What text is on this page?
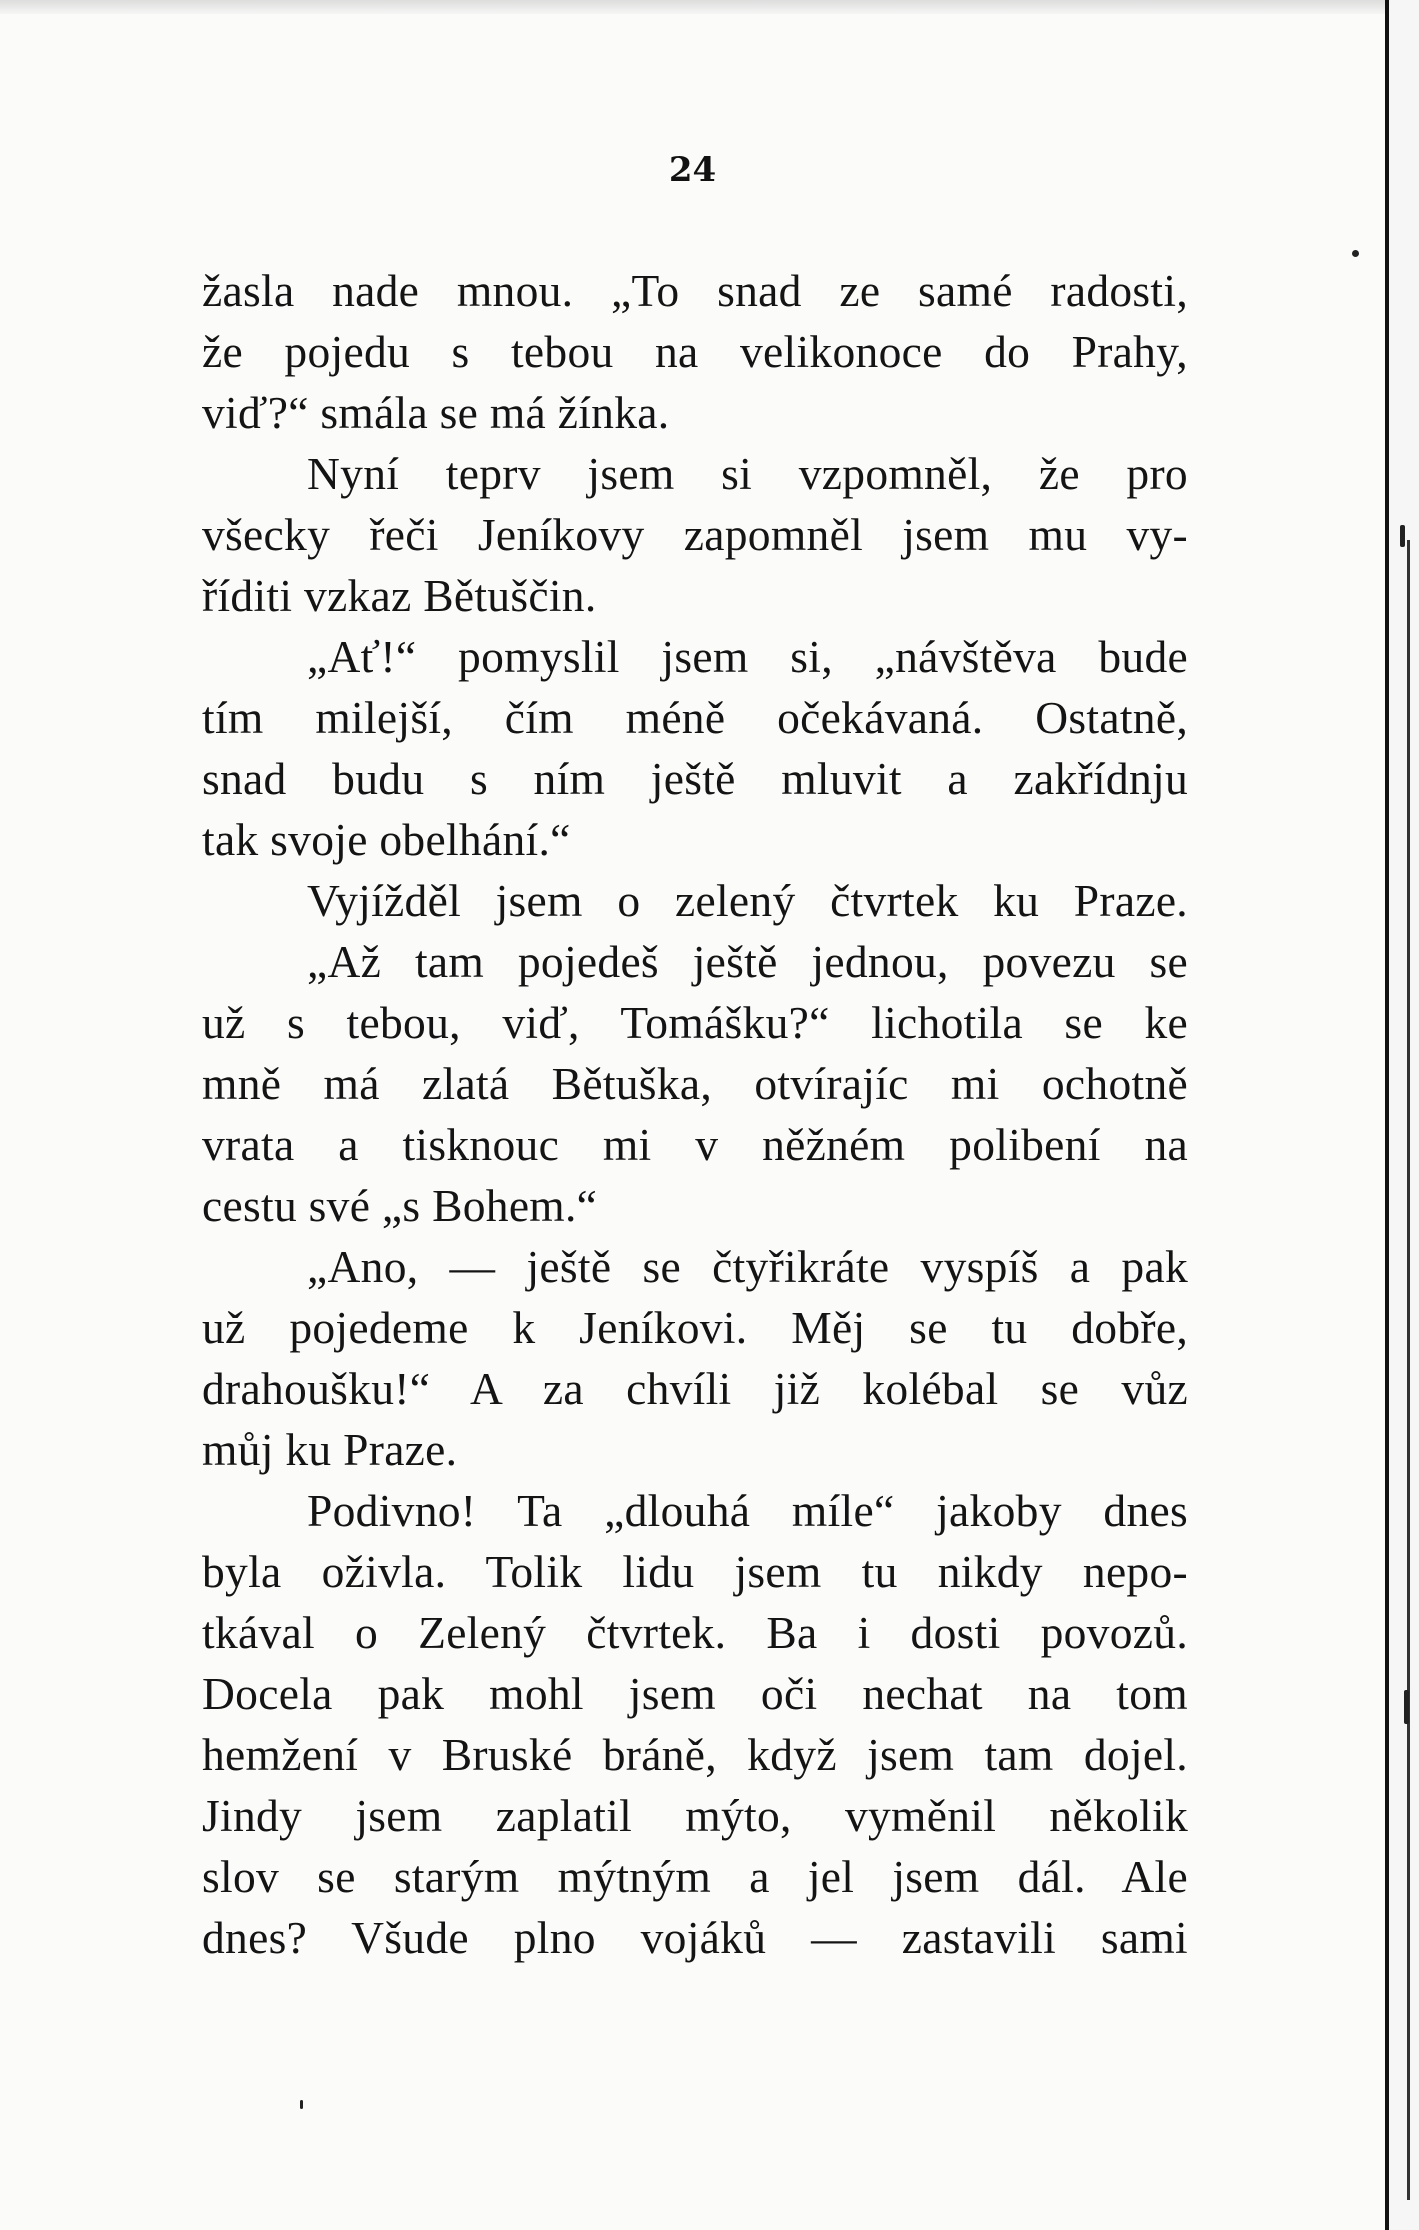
24
žasla nade mnou. „To snad ze samé radosti,
že pojedu s tebou na velikonoce do Prahy,
viď?“ smála se má žínka.
Nyní teprv jsem si vzpomněl, že pro
všecky řeči Jeníkovy zapomněl jsem mu vy-
říditi vzkaz Bětuščin.
„Ať!“ pomyslil jsem si, „návštěva bude
tím milejší, čím méně očekávaná. Ostatně,
snad budu s ním ještě mluvit a zakřídnju
tak svoje obelhání.“
Vyjížděl jsem o zelený čtvrtek ku Praze.
„Až tam pojedeš ještě jednou, povezu se
už s tebou, viď, Tomášku?“ lichotila se ke
mně má zlatá Bětuška, otvírajíc mi ochotně
vrata a tisknouc mi v něžném polibení na
cestu své „s Bohem.“
„Ano, — ještě se čtyřikráte vyspíš a pak
už pojedeme k Jeníkovi. Měj se tu dobře,
drahoušku!“ A za chvíli již kolébal se vůz
můj ku Praze.
Podivno! Ta „dlouhá míle“ jakoby dnes
byla oživla. Tolik lidu jsem tu nikdy nepo-
tkával o Zelený čtvrtek. Ba i dosti povozů.
Docela pak mohl jsem oči nechat na tom
hemžení v Bruské bráně, když jsem tam dojel.
Jindy jsem zaplatil mýto, vyměnil několik
slov se starým mýtným a jel jsem dál. Ale
dnes? Všude plno vojáků — zastavili sami
